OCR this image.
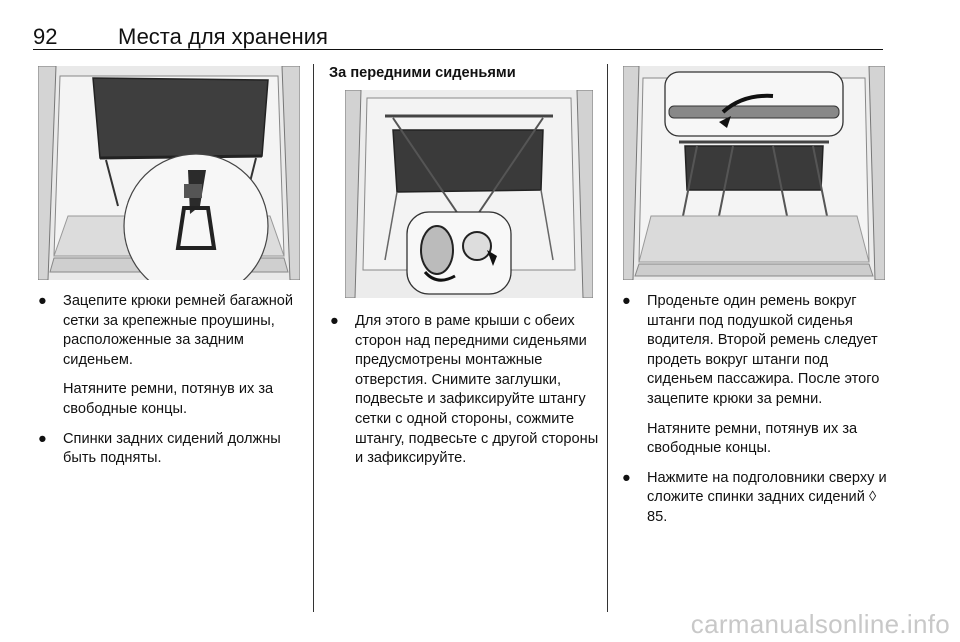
92	Места для хранения
● Зацепите крюки ремней багажной сетки за крепежные проушины, расположенные за задним сиденьем.
Натяните ремни, потянув их за свободные концы.
● Спинки задних сидений должны быть подняты.
За передними сиденьями
● Для этого в раме крыши с обеих сторон над передними сиденьями предусмотрены монтажные отверстия. Снимите заглушки, подвесьте и зафиксируйте штангу сетки с одной стороны, сожмите штангу, подвесьте с другой стороны и зафиксируйте.
● Проденьте один ремень вокруг штанги под подушкой сиденья водителя. Второй ремень следует продеть вокруг штанги под сиденьем пассажира. После этого зацепите крюки за ремни.
Натяните ремни, потянув их за свободные концы.
● Нажмите на подголовники сверху и сложите спинки задних сидений ◊ 85.
carmanualsonline.info
